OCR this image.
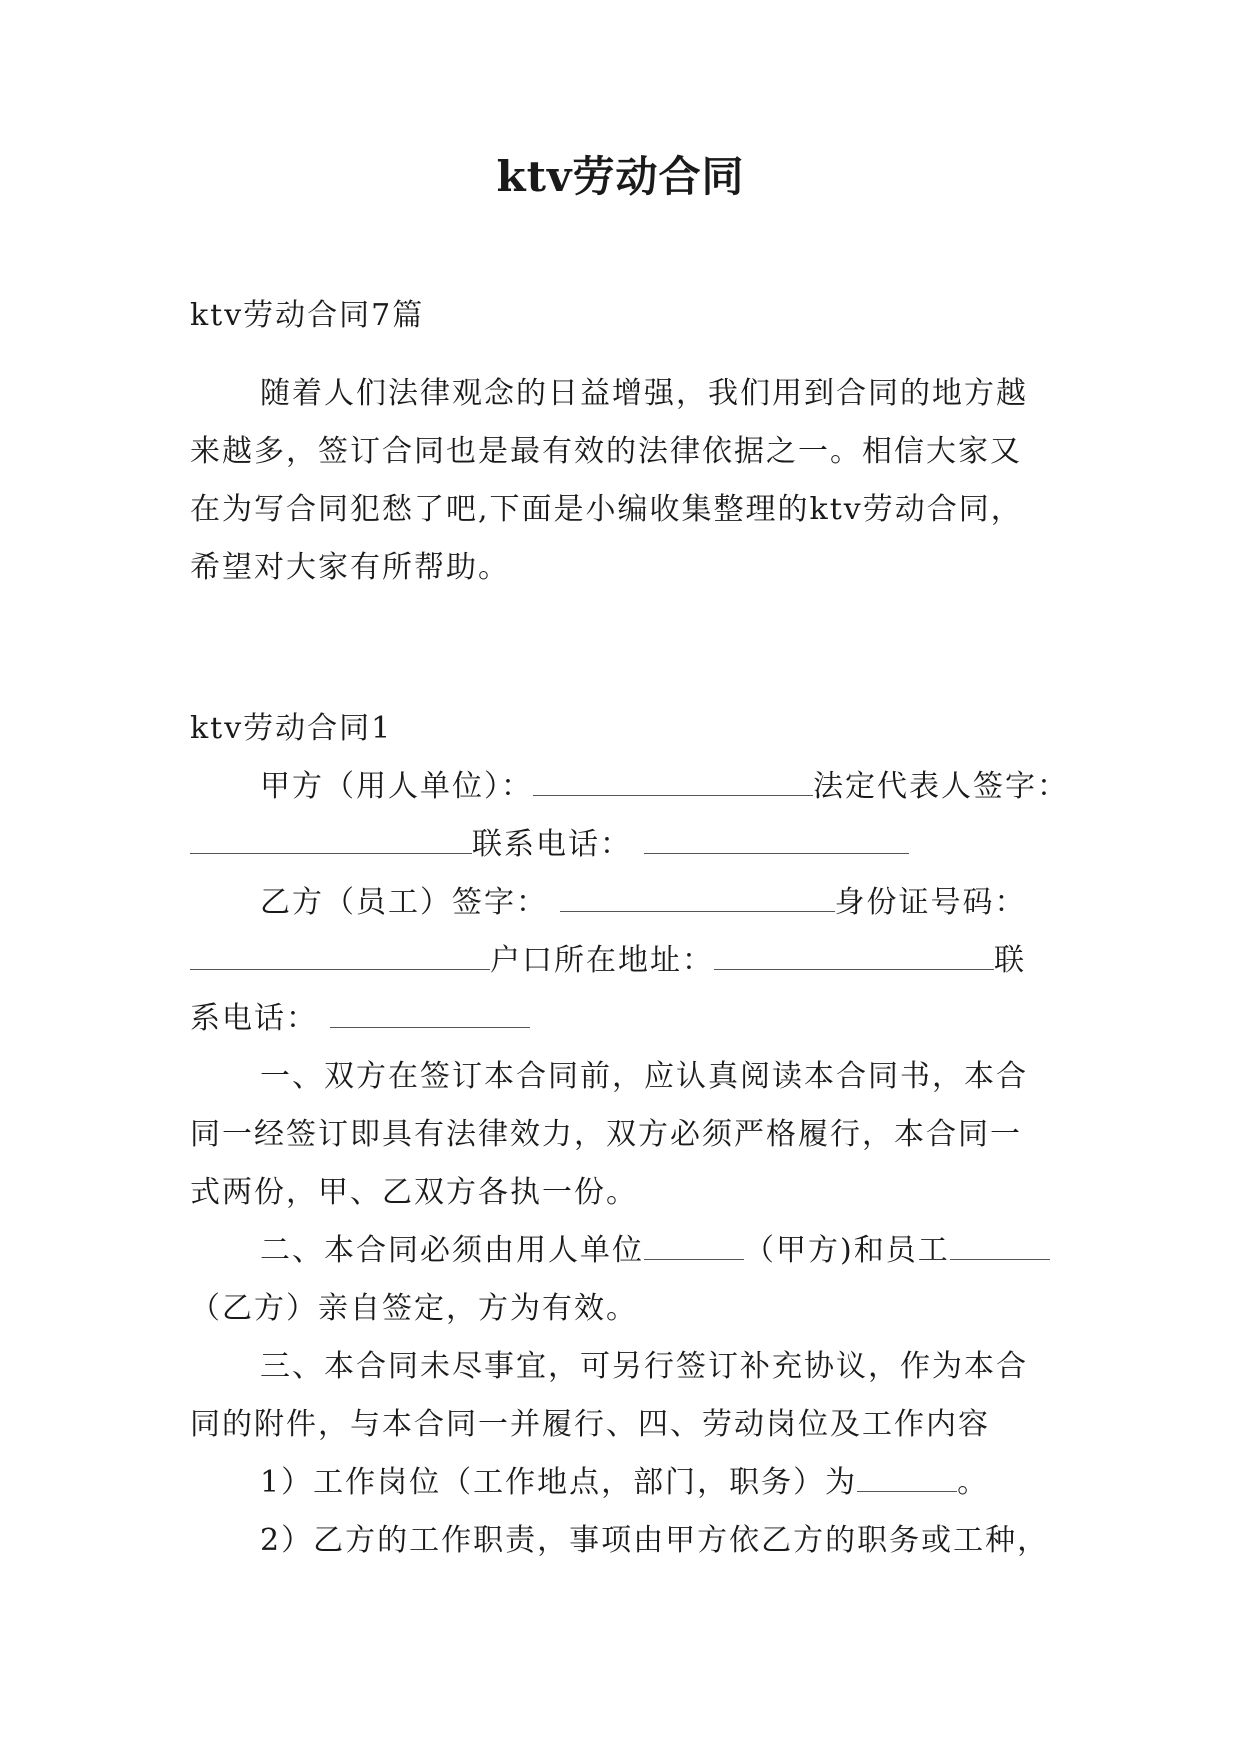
ktv劳动合同
ktv劳动合同7篇
随着人们法律观念的日益增强，我们用到合同的地方越
来越多，签订合同也是最有效的法律依据之一。相信大家又
在为写合同犯愁了吧,下面是小编收集整理的ktv劳动合同，
希望对大家有所帮助。
ktv劳动合同1
甲方（用人单位）：	法定代表人签字：
联系电话：
乙方（员工）签字：	身份证号码：
户口所在地址：	联
系电话：
一、双方在签订本合同前，应认真阅读本合同书，本合
同一经签订即具有法律效力，双方必须严格履行，本合同一
式两份，甲、乙双方各执一份。
二、本合同必须由用人单位	（甲方)和员工
（乙方）亲自签定，方为有效。
三、本合同未尽事宜，可另行签订补充协议，作为本合
同的附件，与本合同一并履行、四、劳动岗位及工作内容
1）工作岗位（工作地点，部门，职务）为	。
2）乙方的工作职责，事项由甲方依乙方的职务或工种，
